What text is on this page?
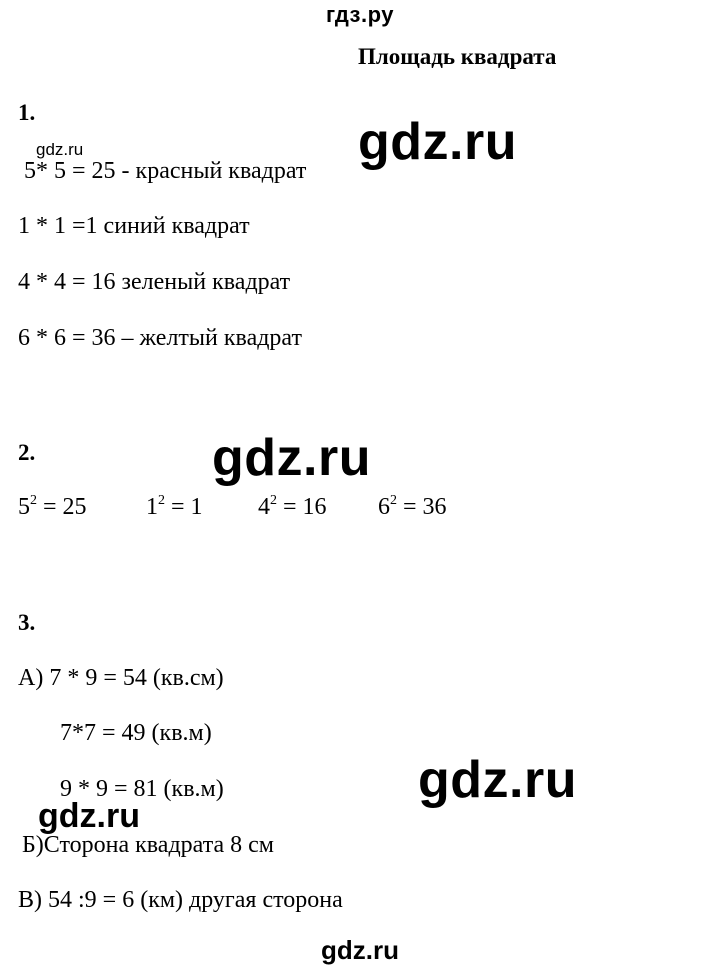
гдз.ру
Площадь квадрата
1.
gdz.ru	gdz.ru
5* 5 = 25 - красный квадрат
1 * 1 =1 синий квадрат
4 * 4 = 16 зеленый квадрат
6 * 6 = 36 – желтый квадрат
2.	gdz.ru
$5^2 = 25$ $1^2 = 1$ $4^2 = 16$ $6^2 = 36$
3.
А) 7 * 9 = 54 (кв.см)
7*7 = 49 (кв.м)
9 * 9 = 81 (кв.м)	gdz.ru
gdz.ru
Б)Сторона квадрата 8 см
В) 54 :9 = 6 (км) другая сторона
gdz.ru
